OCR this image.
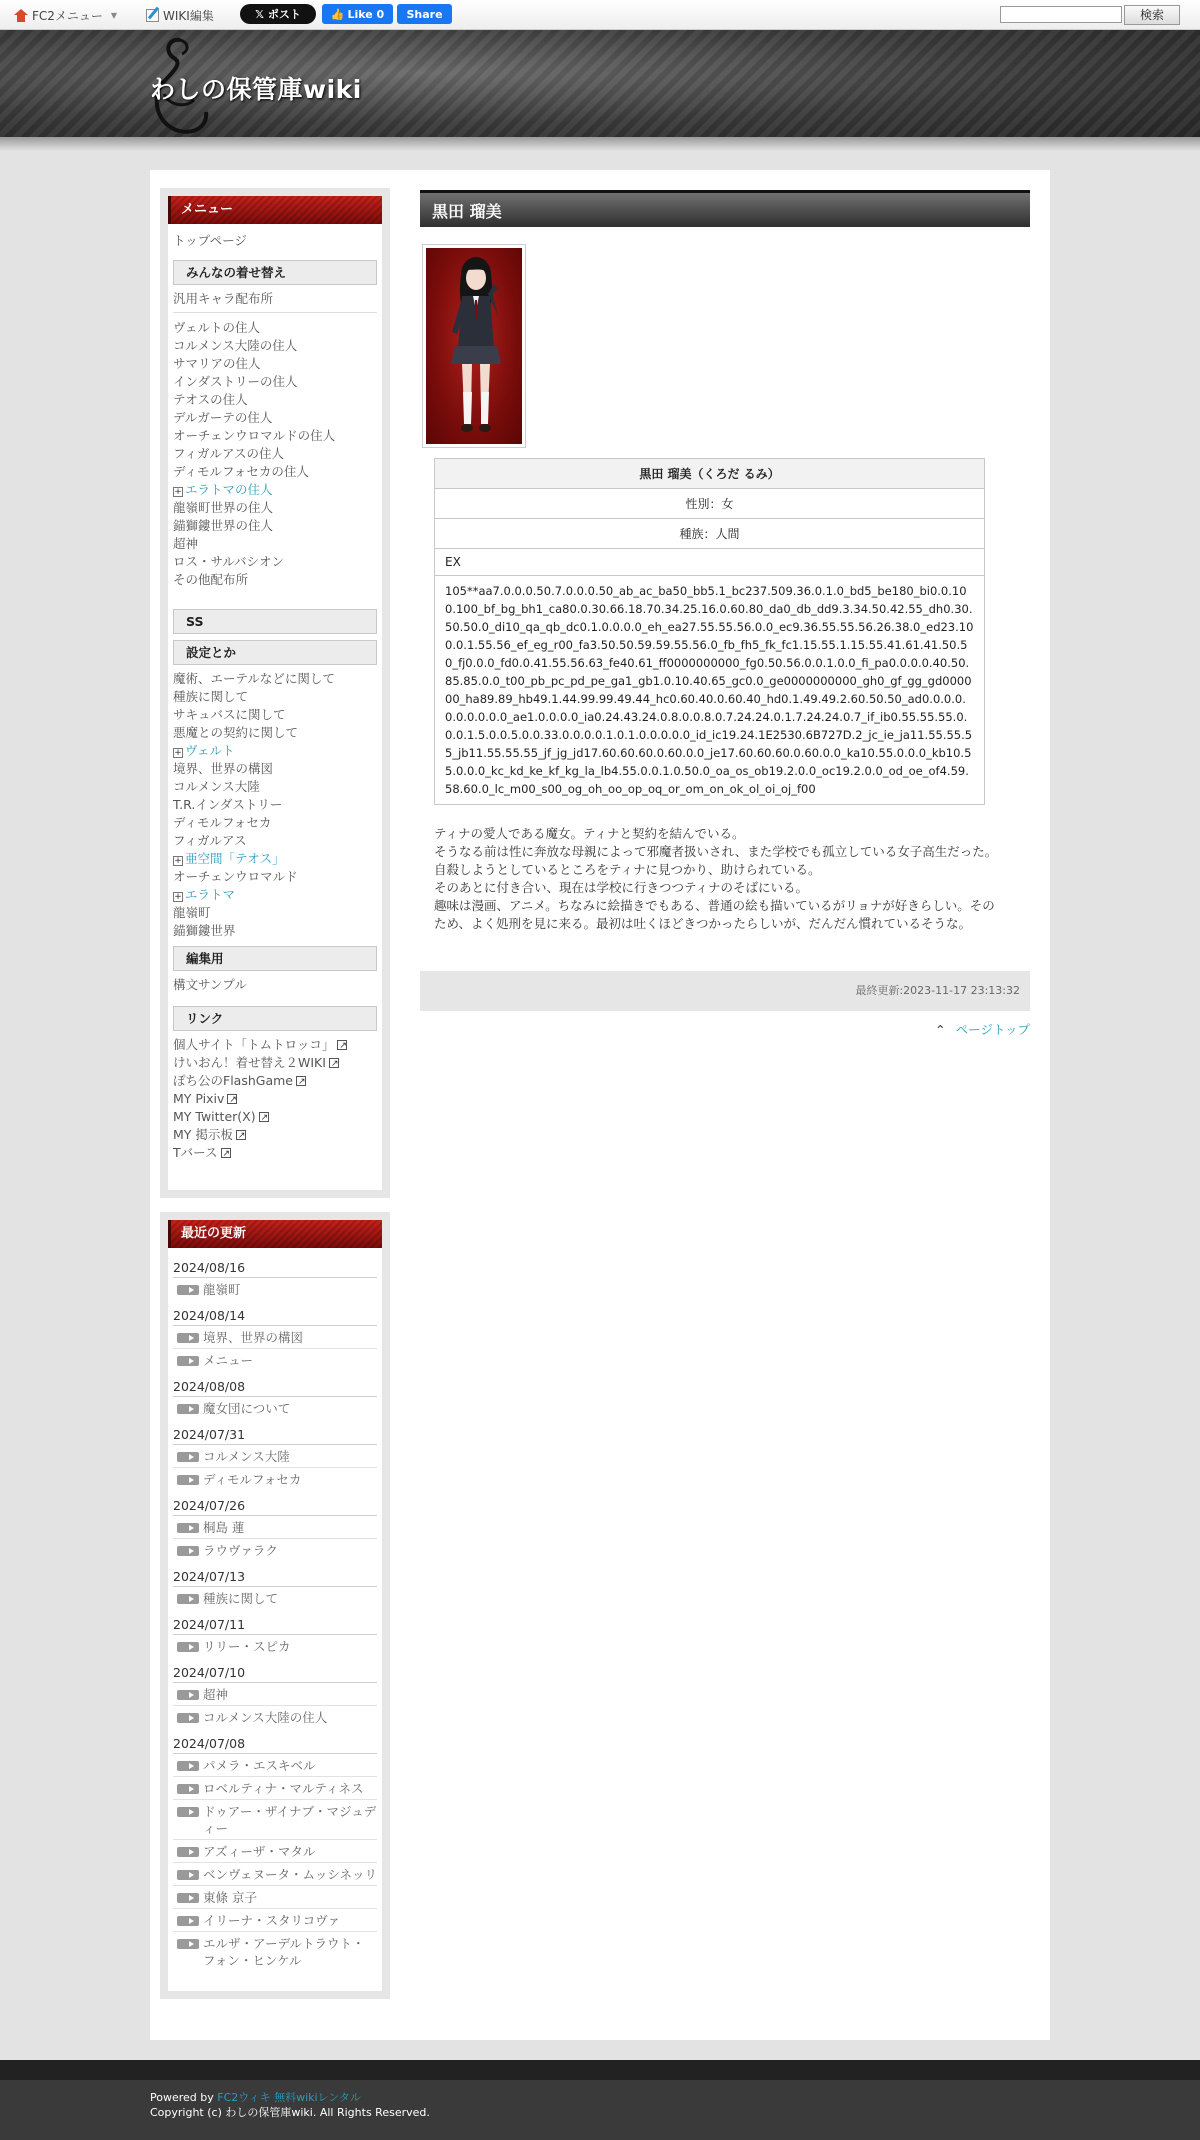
FC2メニュー ▼	WIKI編集	𝕏 ポスト	👍 Like 0	Share	検索
わしの保管庫wiki
メニュー
トップページ
みんなの着せ替え
汎用キャラ配布所
ヴェルトの住人
コルメンス大陸の住人
サマリアの住人
インダストリーの住人
テオスの住人
デルガーテの住人
オーチェンウロマルドの住人
フィガルアスの住人
ディモルフォセカの住人
+ エラトマの住人
龍嶺町世界の住人
錨獅鏤世界の住人
超神
ロス・サルバシオン
その他配布所
SS
設定とか
魔術、エーテルなどに関して
種族に関して
サキュバスに関して
悪魔との契約に関して
+ ヴェルト
境界、世界の構図
コルメンス大陸
T.R.インダストリー
ディモルフォセカ
フィガルアス
+ 亜空間「テオス」
オーチェンウロマルド
+ エラトマ
龍嶺町
錨獅鏤世界
編集用
構文サンプル
リンク
個人サイト「トムトロッコ」↗
けいおん！着せ替え２WIKI↗
ぽち公のFlashGame↗
MY Pixiv↗
MY Twitter(X)↗
MY 掲示板↗
Tバース↗
最近の更新
2024/08/16
龍嶺町
2024/08/14
境界、世界の構図
メニュー
2024/08/08
魔女団について
2024/07/31
コルメンス大陸
ディモルフォセカ
2024/07/26
桐島 蓮
ラウヴァラク
2024/07/13
種族に関して
2024/07/11
リリー・スピカ
2024/07/10
超神
コルメンス大陸の住人
2024/07/08
パメラ・エスキベル
ロベルティナ・マルティネス
ドゥアー・ザイナブ・マジュディー
アズィーザ・マタル
ベンヴェヌータ・ムッシネッリ
東條 京子
イリーナ・スタリコヴァ
エルザ・アーデルトラウト・フォン・ヒンケル
黒田 瑠美
黒田 瑠美（くろだ るみ）
性別：女
種族：人間
EX
105**aa7.0.0.0.50.7.0.0.0.50_ab_ac_ba50_bb5.1_bc237.509.36.0.1.0_bd5_be180_bi0.0.100.100_bf_bg_bh1_ca80.0.30.66.18.70.34.25.16.0.60.80_da0_db_dd9.3.34.50.42.55_dh0.30.50.50.0_di10_qa_qb_dc0.1.0.0.0.0_eh_ea27.55.55.56.0.0_ec9.36.55.55.56.26.38.0_ed23.100.0.1.55.56_ef_eg_r00_fa3.50.50.59.59.55.56.0_fb_fh5_fk_fc1.15.55.1.15.55.41.61.41.50.50_fj0.0.0_fd0.0.41.55.56.63_fe40.61_ff0000000000_fg0.50.56.0.0.1.0.0_fi_pa0.0.0.0.40.50.85.85.0.0_t00_pb_pc_pd_pe_ga1_gb1.0.10.40.65_gc0.0_ge0000000000_gh0_gf_gg_gd000000_ha89.89_hb49.1.44.99.99.49.44_hc0.60.40.0.60.40_hd0.1.49.49.2.60.50.50_ad0.0.0.0.0.0.0.0.0.0_ae1.0.0.0.0_ia0.24.43.24.0.8.0.0.8.0.7.24.24.0.1.7.24.24.0.7_if_ib0.55.55.55.0.0.0.1.5.0.0.5.0.0.33.0.0.0.0.1.0.1.0.0.0.0.0_id_ic19.24.1E2530.6B727D.2_jc_ie_ja11.55.55.55_jb11.55.55.55_jf_jg_jd17.60.60.60.0.60.0.0_je17.60.60.60.0.60.0.0_ka10.55.0.0.0_kb10.55.0.0.0_kc_kd_ke_kf_kg_la_lb4.55.0.0.1.0.50.0_oa_os_ob19.2.0.0_oc19.2.0.0_od_oe_of4.59.58.60.0_lc_m00_s00_og_oh_oo_op_oq_or_om_on_ok_ol_oi_oj_f00
ティナの愛人である魔女。ティナと契約を結んでいる。
そうなる前は性に奔放な母親によって邪魔者扱いされ、また学校でも孤立している女子高生だった。
自殺しようとしているところをティナに見つかり、助けられている。
そのあとに付き合い、現在は学校に行きつつティナのそばにいる。
趣味は漫画、アニメ。ちなみに絵描きでもある、普通の絵も描いているがリョナが好きらしい。そのため、よく処刑を見に来る。最初は吐くほどきつかったらしいが、だんだん慣れているそうな。
最終更新:2023-11-17 23:13:32
⌃ ページトップ
Powered by FC2ウィキ 無料wikiレンタル
Copyright (c) わしの保管庫wiki. All Rights Reserved.
